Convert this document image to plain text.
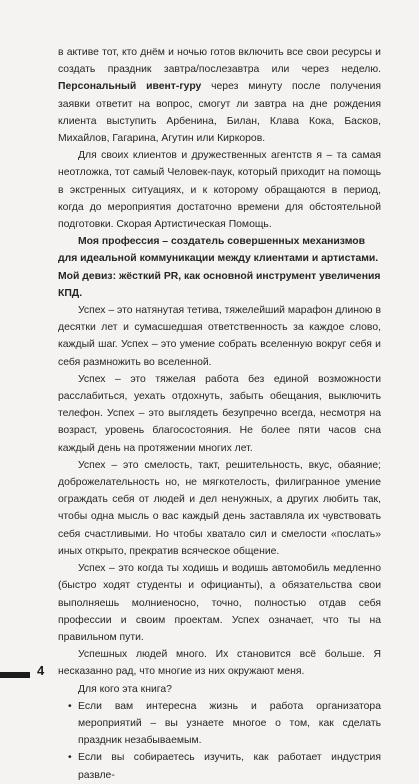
в активе тот, кто днём и ночью готов включить все свои ресурсы и создать праздник завтра/послезавтра или через неделю. Персональный ивент-гуру через минуту после получения заявки ответит на вопрос, смогут ли завтра на дне рождения клиента выступить Арбенина, Билан, Клава Кока, Басков, Михайлов, Гагарина, Агутин или Киркоров.

Для своих клиентов и дружественных агентств я – та самая неотложка, тот самый Человек-паук, который приходит на помощь в экстренных ситуациях, и к которому обращаются в период, когда до мероприятия достаточно времени для обстоятельной подготовки. Скорая Артистическая Помощь.

Моя профессия – создатель совершенных механизмов для идеальной коммуникации между клиентами и артистами. Мой девиз: жёсткий PR, как основной инструмент увеличения КПД.

Успех – это натянутая тетива, тяжелейший марафон длиною в десятки лет и сумасшедшая ответственность за каждое слово, каждый шаг. Успех – это умение собрать вселенную вокруг себя и себя размножить во вселенной.

Успех – это тяжелая работа без единой возможности расслабиться, уехать отдохнуть, забыть обещания, выключить телефон. Успех – это выглядеть безупречно всегда, несмотря на возраст, уровень благосостояния. Не более пяти часов сна каждый день на протяжении многих лет.

Успех – это смелость, такт, решительность, вкус, обаяние; доброжелательность но, не мягкотелость, филигранное умение ограждать себя от людей и дел ненужных, а других любить так, чтобы одна мысль о вас каждый день заставляла их чувствовать себя счастливыми. Но чтобы хватало сил и смелости «послать» иных открыто, прекратив всяческое общение.

Успех – это когда ты ходишь и водишь автомобиль медленно (быстро ходят студенты и официанты), а обязательства свои выполняешь молниеносно, точно, полностью отдав себя профессии и своим проектам. Успех означает, что ты на правильном пути.

Успешных людей много. Их становится всё больше. Я несказанно рад, что многие из них окружают меня.

Для кого эта книга?

• Если вам интересна жизнь и работа организатора мероприятий – вы узнаете многое о том, как сделать праздник незабываемым.
• Если вы собираетесь изучить, как работает индустрия развле-
4
